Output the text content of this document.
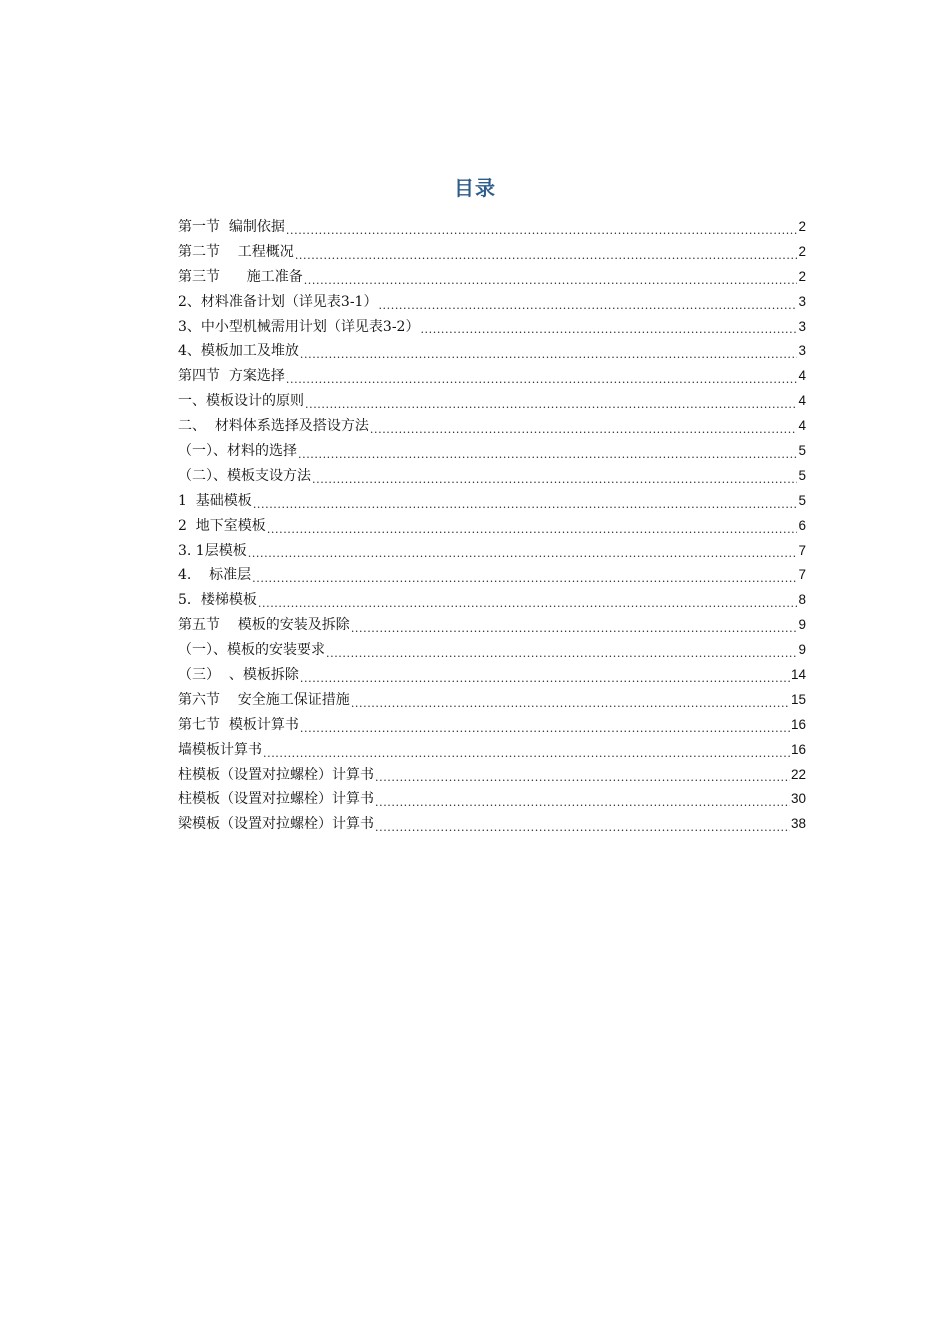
目录
第一节  编制依据 .....	2
第二节    工程概况 .....	2
第三节      施工准备 .....	2
2、材料准备计划（详见表3-1） .....	3
3、中小型机械需用计划（详见表3-2） .....	3
4、模板加工及堆放 .....	3
第四节  方案选择 .....	4
一、模板设计的原则 .....	4
二、  材料体系选择及搭设方法 .....	4
（一）、材料的选择 .....	5
（二）、模板支设方法 .....	5
1  基础模板 .....	5
2  地下室模板 .....	6
3. 1层模板 .....	7
4.    标准层 .....	7
5．楼梯模板 .....	8
第五节    模板的安装及拆除 .....	9
（一）、模板的安装要求 .....	9
（三）  、模板拆除 .....	14
第六节    安全施工保证措施 .....	15
第七节  模板计算书 .....	16
墙模板计算书 .....	16
柱模板（设置对拉螺栓）计算书 .....	22
柱模板（设置对拉螺栓）计算书 .....	30
梁模板（设置对拉螺栓）计算书 .....	38
